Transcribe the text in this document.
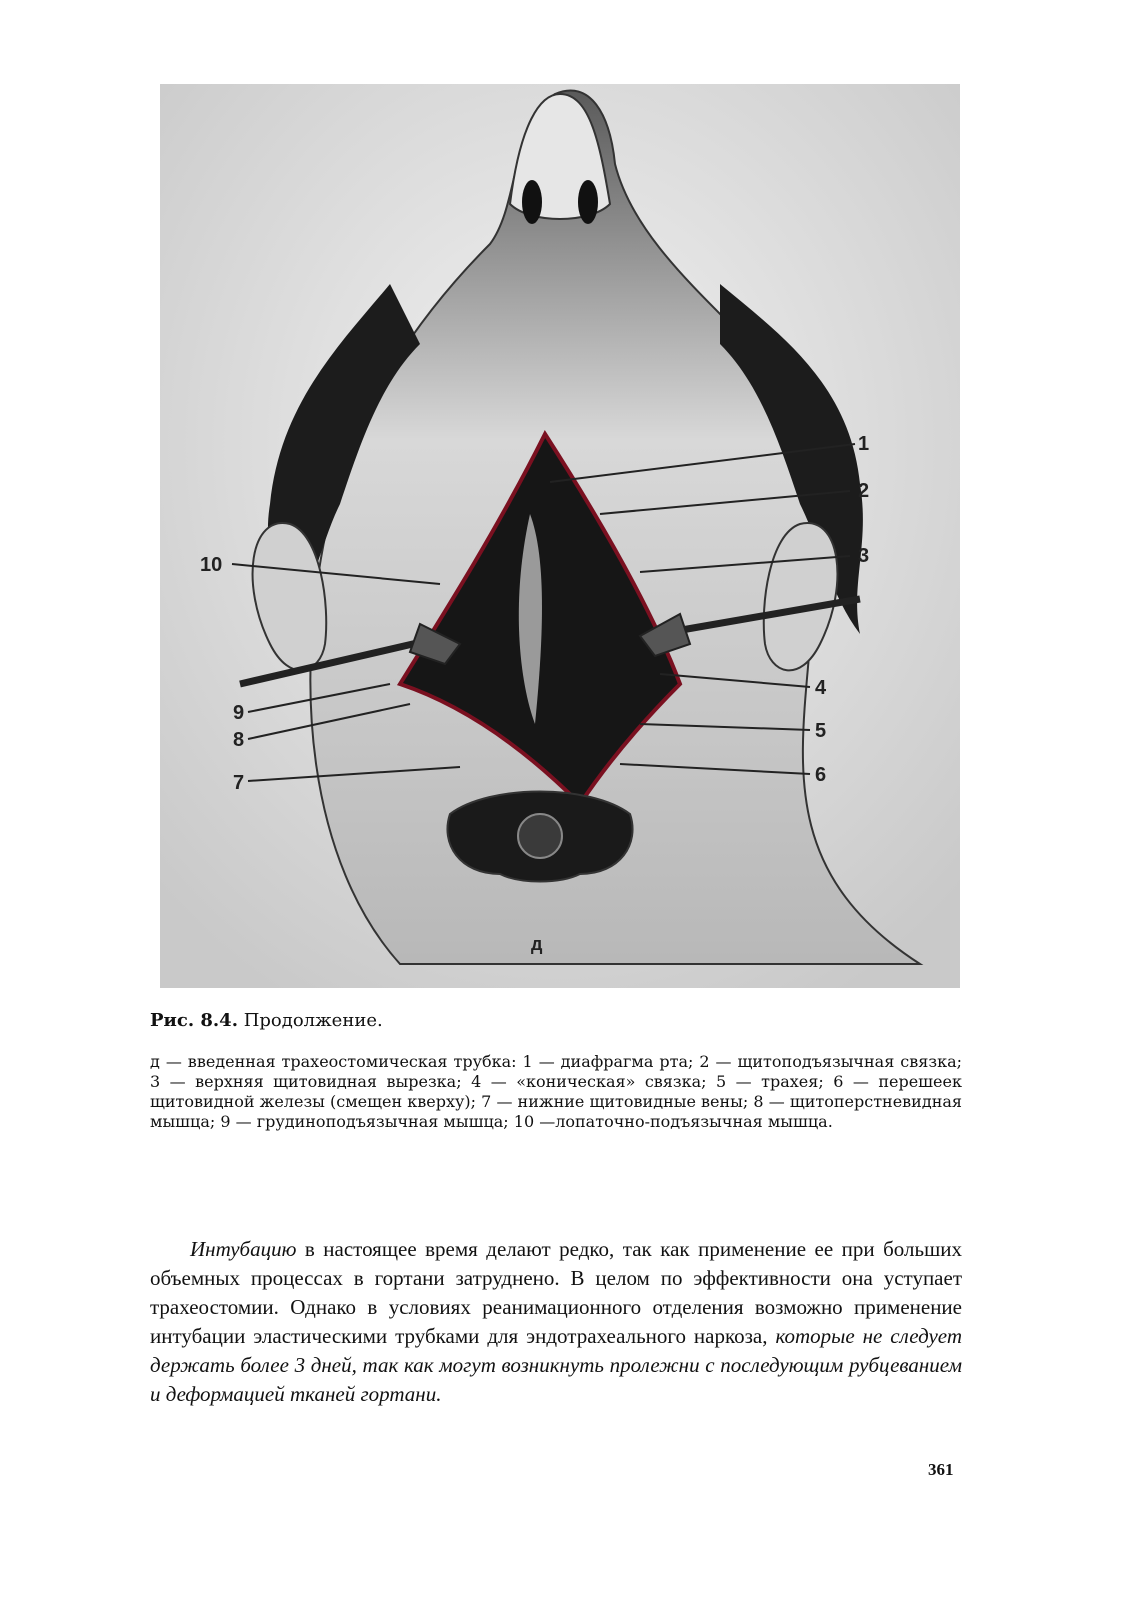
1
2
3
4
5
6
7
8
9
10
д
Рис. 8.4. Продолжение.
д — введенная трахеостомическая трубка: 1 — диафрагма рта; 2 — щитоподъязычная связка; 3 — верхняя щитовидная вырезка; 4 — «коническая» связка; 5 — трахея; 6 — перешеек щитовидной железы (смещен кверху); 7 — нижние щитовидные вены; 8 — щитоперстневидная мышца; 9 — грудиноподъязычная мышца; 10 —лопаточно-подъязычная мышца.
Интубацию в настоящее время делают редко, так как применение ее при больших объемных процессах в гортани затруднено. В целом по эффективности она уступает трахеостомии. Однако в условиях реанимационного отделения возможно применение интубации эластическими трубками для эндотрахеального наркоза, которые не следует держать более 3 дней, так как могут возникнуть пролежни с последующим рубцеванием и деформацией тканей гортани.
361
